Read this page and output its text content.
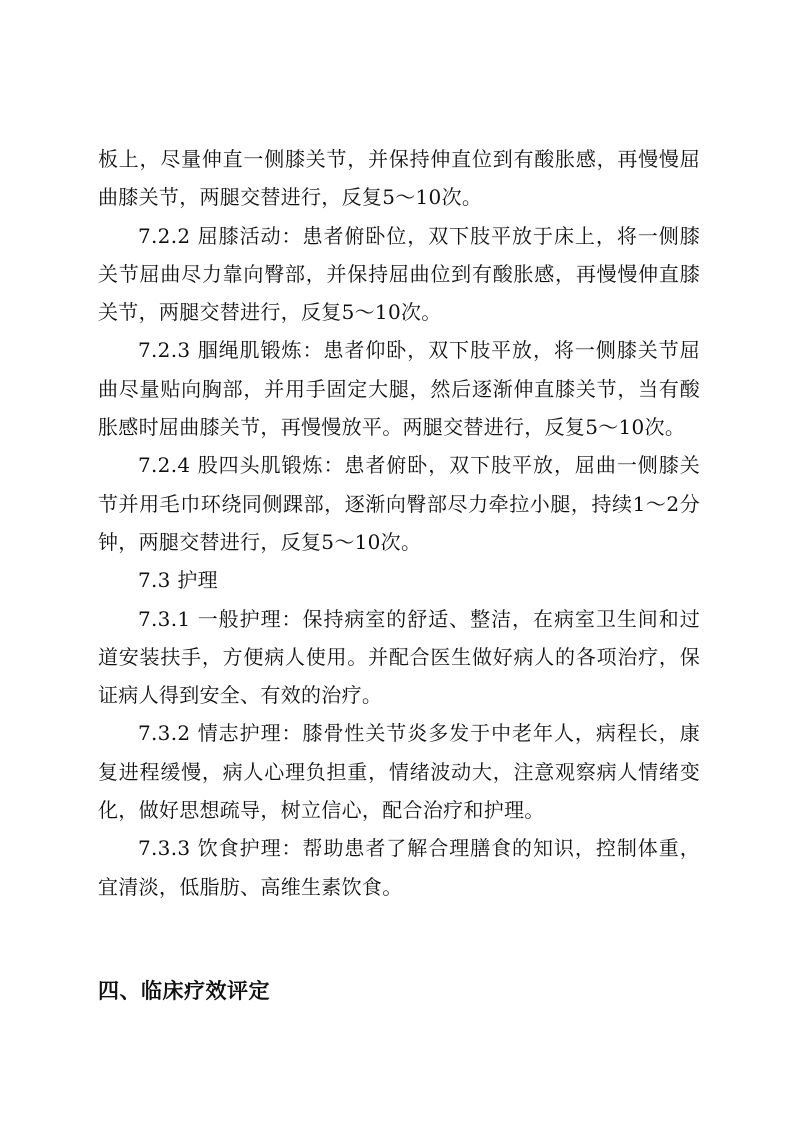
板上，尽量伸直一侧膝关节，并保持伸直位到有酸胀感，再慢慢屈曲膝关节，两腿交替进行，反复5～10次。

7.2.2 屈膝活动：患者俯卧位，双下肢平放于床上，将一侧膝关节屈曲尽力靠向臀部，并保持屈曲位到有酸胀感，再慢慢伸直膝关节，两腿交替进行，反复5～10次。

7.2.3 腘绳肌锻炼：患者仰卧，双下肢平放，将一侧膝关节屈曲尽量贴向胸部，并用手固定大腿，然后逐渐伸直膝关节，当有酸胀感时屈曲膝关节，再慢慢放平。两腿交替进行，反复5～10次。

7.2.4 股四头肌锻炼：患者俯卧，双下肢平放，屈曲一侧膝关节并用毛巾环绕同侧踝部，逐渐向臀部尽力牵拉小腿，持续1～2分钟，两腿交替进行，反复5～10次。

7.3 护理

7.3.1 一般护理：保持病室的舒适、整洁，在病室卫生间和过道安装扶手，方便病人使用。并配合医生做好病人的各项治疗，保证病人得到安全、有效的治疗。

7.3.2 情志护理：膝骨性关节炎多发于中老年人，病程长，康复进程缓慢，病人心理负担重，情绪波动大，注意观察病人情绪变化，做好思想疏导，树立信心，配合治疗和护理。

7.3.3 饮食护理：帮助患者了解合理膳食的知识，控制体重，宜清淡，低脂肪、高维生素饮食。

四、临床疗效评定
